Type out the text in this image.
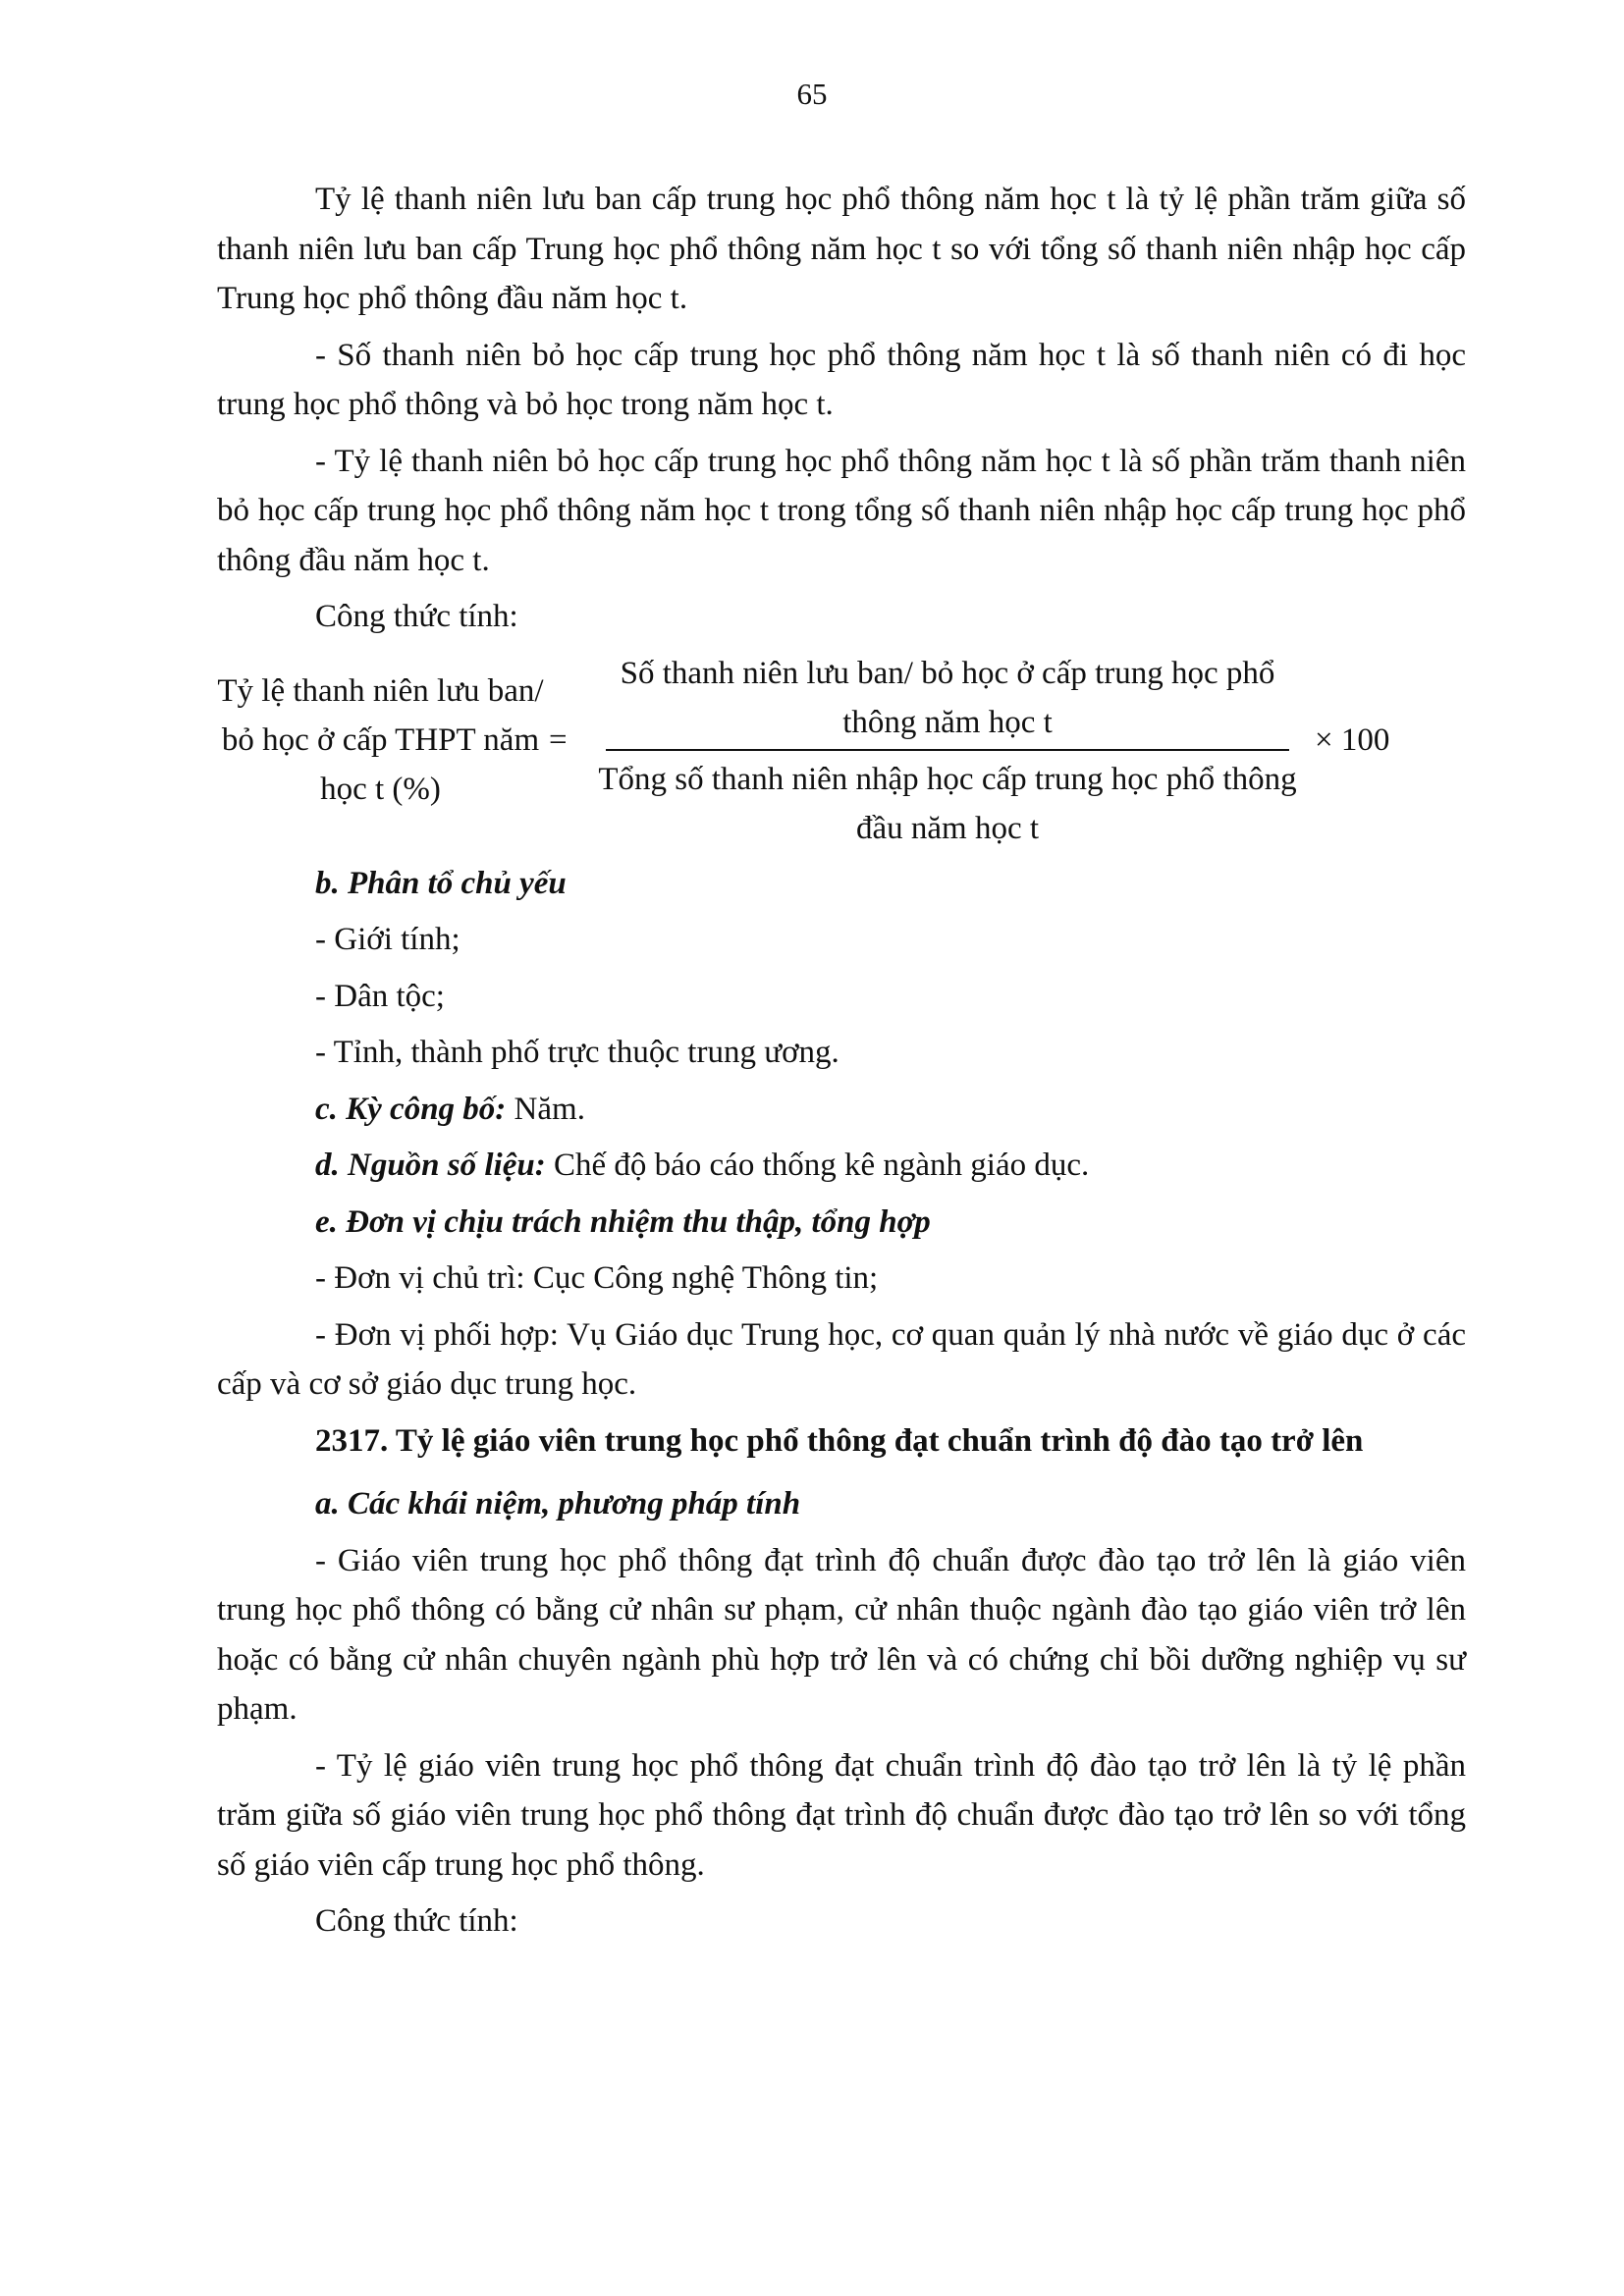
65

Tỷ lệ thanh niên lưu ban cấp trung học phổ thông năm học t là tỷ lệ phần trăm giữa số thanh niên lưu ban cấp Trung học phổ thông năm học t so với tổng số thanh niên nhập học cấp Trung học phổ thông đầu năm học t.

- Số thanh niên bỏ học cấp trung học phổ thông năm học t là số thanh niên có đi học trung học phổ thông và bỏ học trong năm học t.

- Tỷ lệ thanh niên bỏ học cấp trung học phổ thông năm học t là số phần trăm thanh niên bỏ học cấp trung học phổ thông năm học t trong tổng số thanh niên nhập học cấp trung học phổ thông đầu năm học t.

Công thức tính:

Tỷ lệ thanh niên lưu ban/ bỏ học ở cấp THPT năm học t (%)
=
Số thanh niên lưu ban/ bỏ học ở cấp trung học phổ thông năm học t
Tổng số thanh niên nhập học cấp trung học phổ thông đầu năm học t
× 100

b. Phân tổ chủ yếu

- Giới tính;

- Dân tộc;

- Tỉnh, thành phố trực thuộc trung ương.

c. Kỳ công bố: Năm.

d. Nguồn số liệu: Chế độ báo cáo thống kê ngành giáo dục.

e. Đơn vị chịu trách nhiệm thu thập, tổng hợp

- Đơn vị chủ trì: Cục Công nghệ Thông tin;

- Đơn vị phối hợp: Vụ Giáo dục Trung học, cơ quan quản lý nhà nước về giáo dục ở các cấp và cơ sở giáo dục trung học.

2317. Tỷ lệ giáo viên trung học phổ thông đạt chuẩn trình độ đào tạo trở lên

a. Các khái niệm, phương pháp tính

- Giáo viên trung học phổ thông đạt trình độ chuẩn được đào tạo trở lên là giáo viên trung học phổ thông có bằng cử nhân sư phạm, cử nhân thuộc ngành đào tạo giáo viên trở lên hoặc có bằng cử nhân chuyên ngành phù hợp trở lên và có chứng chỉ bồi dưỡng nghiệp vụ sư phạm.

- Tỷ lệ giáo viên trung học phổ thông đạt chuẩn trình độ đào tạo trở lên là tỷ lệ phần trăm giữa số giáo viên trung học phổ thông đạt trình độ chuẩn được đào tạo trở lên so với tổng số giáo viên cấp trung học phổ thông.

Công thức tính:
